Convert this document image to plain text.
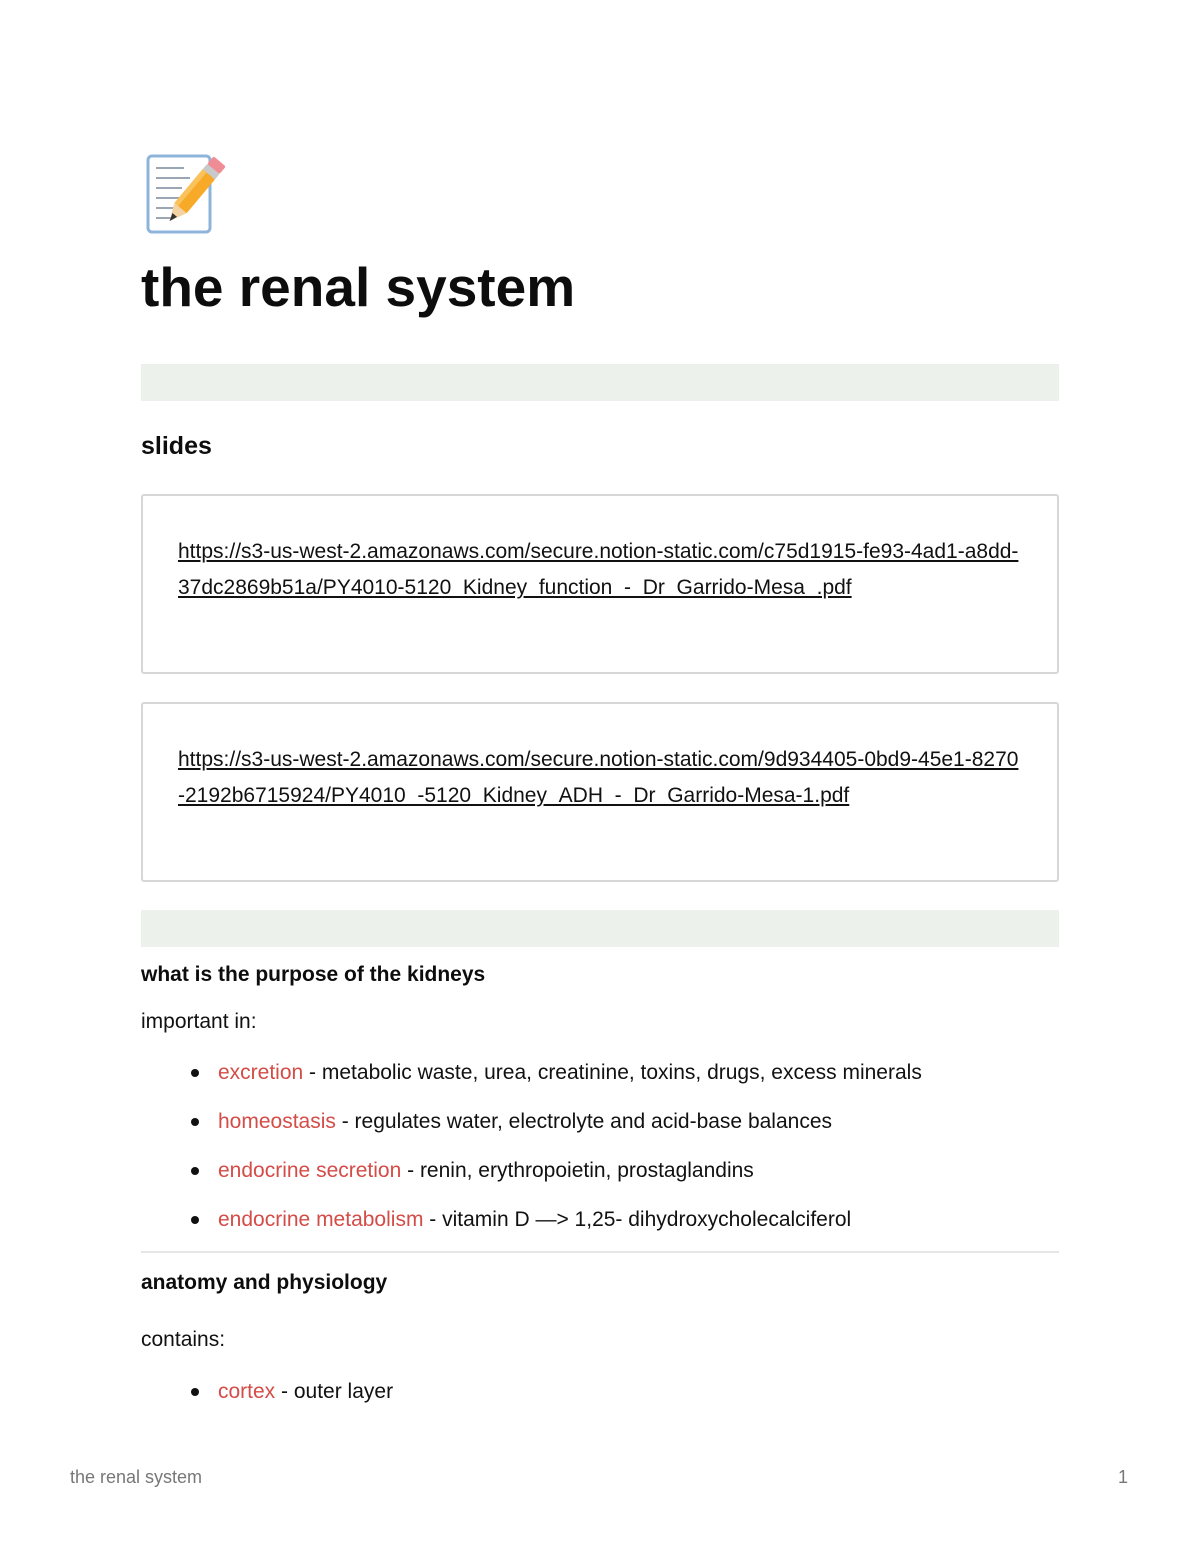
the renal system
slides
https://s3-us-west-2.amazonaws.com/secure.notion-static.com/c75d1915-fe93-4ad1-a8dd-37dc2869b51a/PY4010-5120_Kidney_function_-_Dr_Garrido-Mesa_.pdf
https://s3-us-west-2.amazonaws.com/secure.notion-static.com/9d934405-0bd9-45e1-8270-2192b6715924/PY4010_-5120_Kidney_ADH_-_Dr_Garrido-Mesa-1.pdf
what is the purpose of the kidneys

important in:

excretion - metabolic waste, urea, creatinine, toxins, drugs, excess minerals
homeostasis - regulates water, electrolyte and acid-base balances
endocrine secretion - renin, erythropoietin, prostaglandins
endocrine metabolism - vitamin D —> 1,25- dihydroxycholecalciferol
anatomy and physiology

contains:

cortex - outer layer
the renal system	1
